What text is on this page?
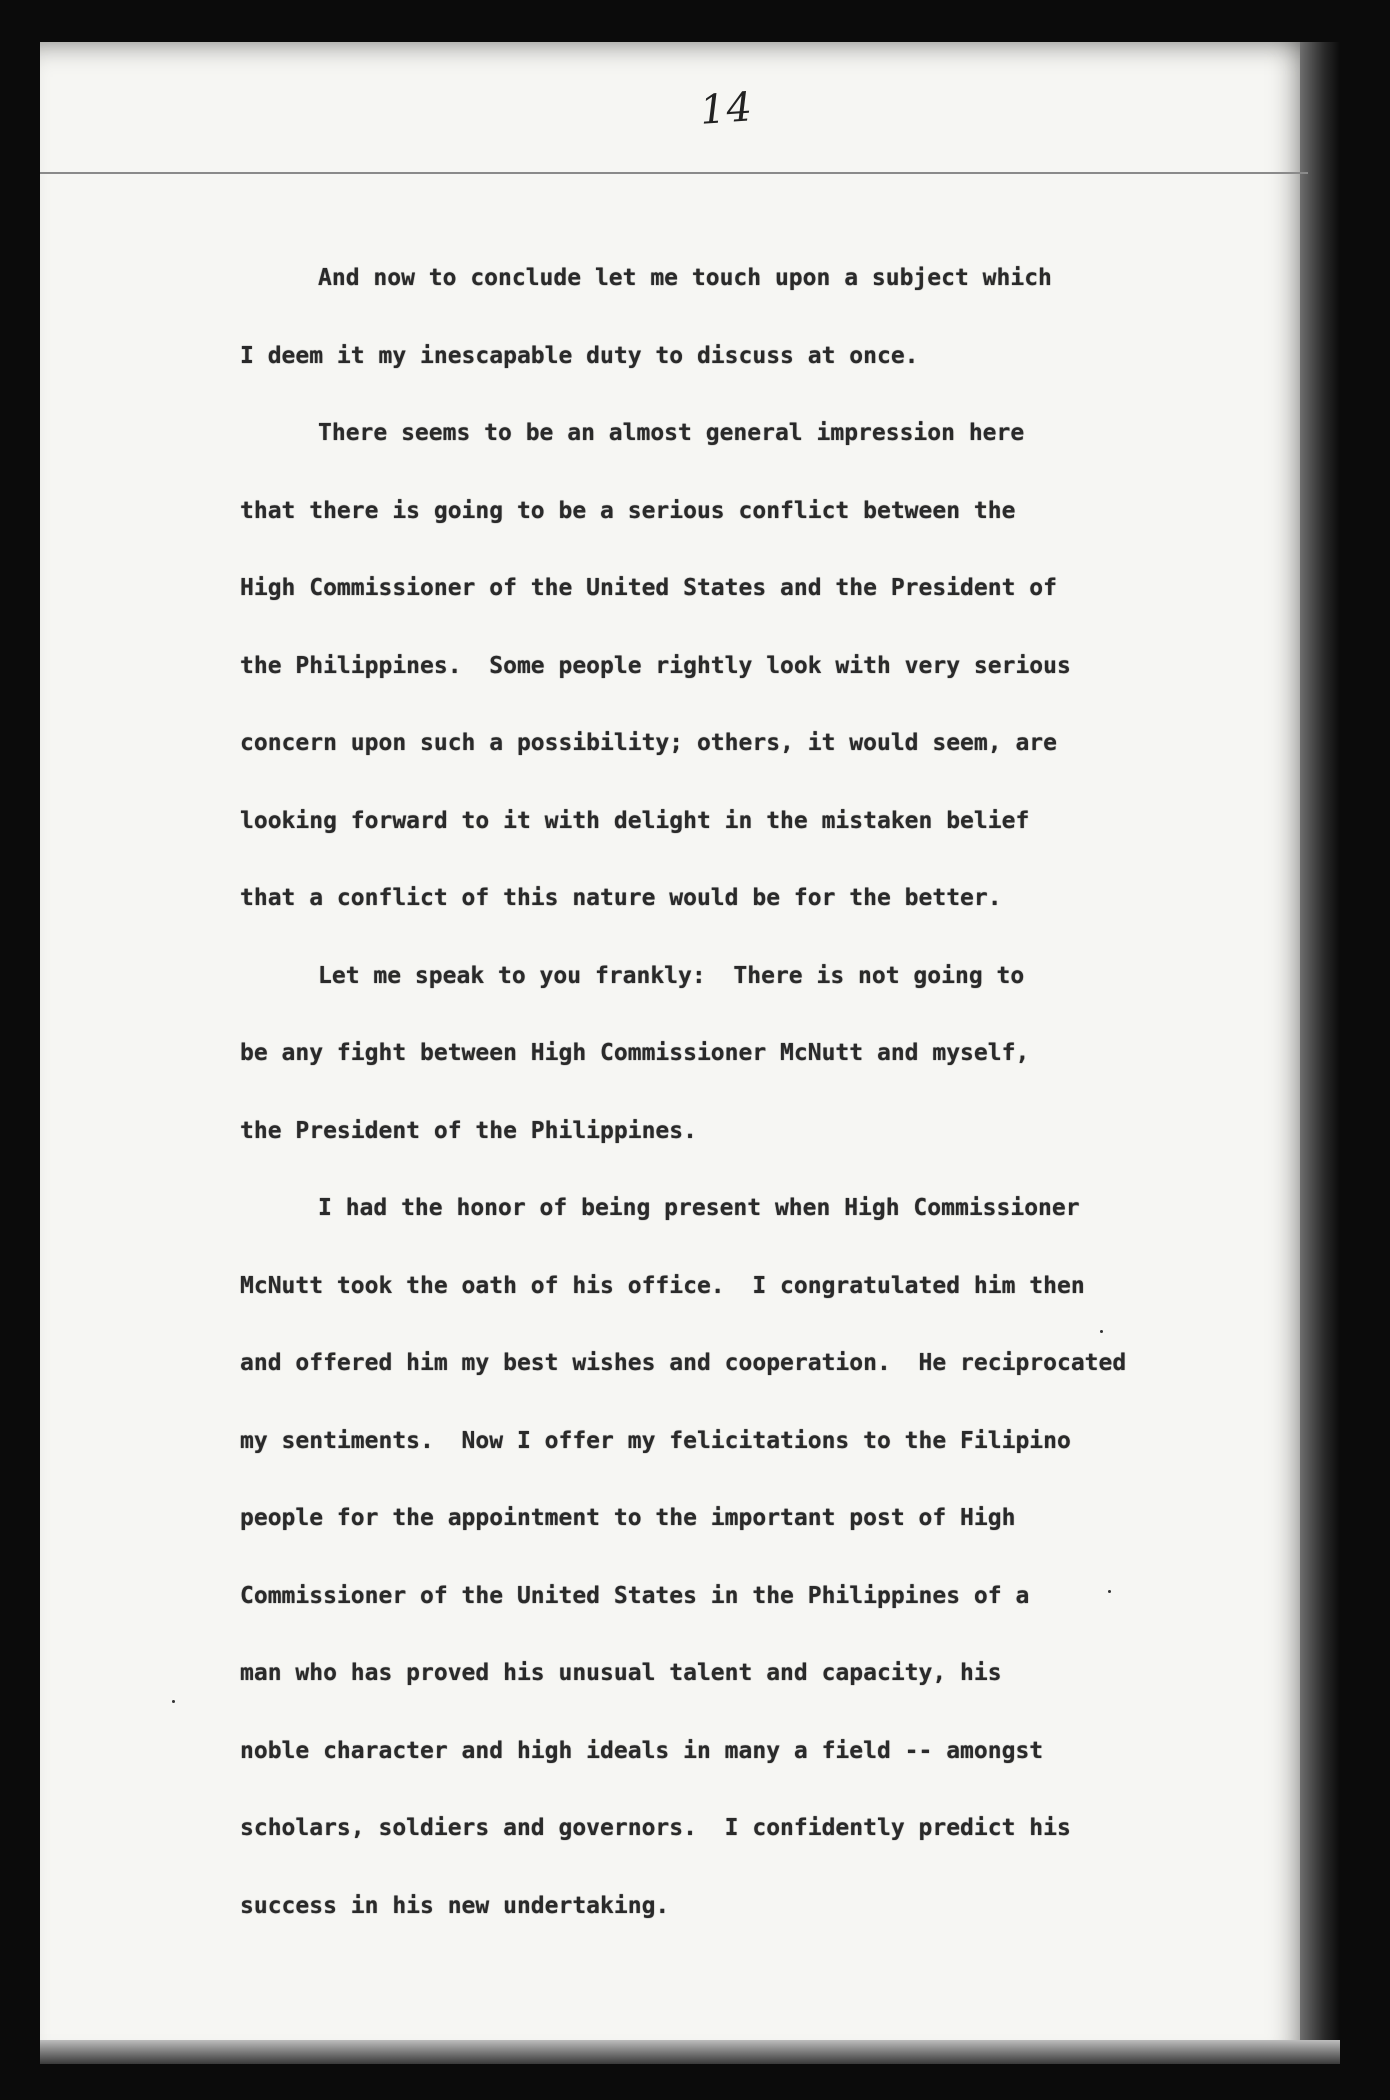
14
And now to conclude let me touch upon a subject which
I deem it my inescapable duty to discuss at once.
There seems to be an almost general impression here
that there is going to be a serious conflict between the
High Commissioner of the United States and the President of
the Philippines.  Some people rightly look with very serious
concern upon such a possibility; others, it would seem, are
looking forward to it with delight in the mistaken belief
that a conflict of this nature would be for the better.
Let me speak to you frankly:  There is not going to
be any fight between High Commissioner McNutt and myself,
the President of the Philippines.
I had the honor of being present when High Commissioner
McNutt took the oath of his office.  I congratulated him then
and offered him my best wishes and cooperation.  He reciprocated
my sentiments.  Now I offer my felicitations to the Filipino
people for the appointment to the important post of High
Commissioner of the United States in the Philippines of a
man who has proved his unusual talent and capacity, his
noble character and high ideals in many a field -- amongst
scholars, soldiers and governors.  I confidently predict his
success in his new undertaking.
